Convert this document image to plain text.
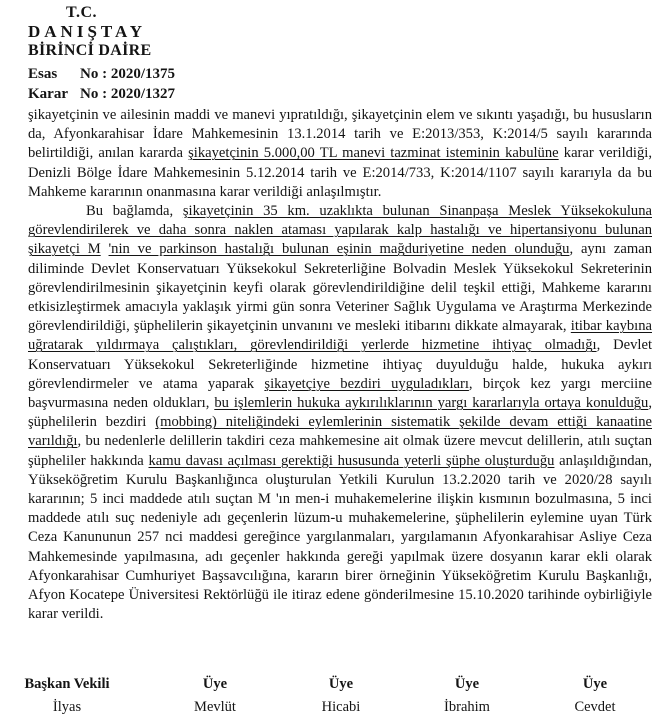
T.C.
DANIŞTAY
BİRİNCİ DAİRE
Esas No : 2020/1375
Karar No : 2020/1327

şikayetçinin ve ailesinin maddi ve manevi yıpratıldığı, şikayetçinin elem ve sıkıntı yaşadığı, bu hususların da, Afyonkarahisar İdare Mahkemesinin 13.1.2014 tarih ve E:2013/353, K:2014/5 sayılı kararında belirtildiği, anılan kararda şikayetçinin 5.000,00 TL manevi tazminat isteminin kabulüne karar verildiği, Denizli Bölge İdare Mahkemesinin 5.12.2014 tarih ve E:2014/733, K:2014/1107 sayılı kararıyla da bu Mahkeme kararının onanmasına karar verildiği anlaşılmıştır.

Bu bağlamda, şikayetçinin 35 km. uzaklıkta bulunan Sinanpaşa Meslek Yüksekokuluna görevlendirilerek ve daha sonra naklen ataması yapılarak kalp hastalığı ve hipertansiyonu bulunan şikayetçi M 'nin ve parkinson hastalığı bulunan eşinin mağduriyetine neden olunduğu, aynı zaman diliminde Devlet Konservatuarı Yüksekokul Sekreterliğine Bolvadin Meslek Yüksekokul Sekreterinin görevlendirilmesinin şikayetçinin keyfi olarak görevlendirildiğine delil teşkil ettiği, Mahkeme kararını etkisizleştirmek amacıyla yaklaşık yirmi gün sonra Veteriner Sağlık Uygulama ve Araştırma Merkezinde görevlendirildiği, şüphelilerin şikayetçinin unvanını ve mesleki itibarını dikkate almayarak, itibar kaybına uğratarak yıldırmaya çalıştıkları, görevlendirildiği yerlerde hizmetine ihtiyaç olmadığı, Devlet Konservatuarı Yüksekokul Sekreterliğinde hizmetine ihtiyaç duyulduğu halde, hukuka aykırı görevlendirmeler ve atama yaparak şikayetçiye bezdiri uyguladıkları, birçok kez yargı merciine başvurmasına neden oldukları, bu işlemlerin hukuka aykırılıklarının yargı kararlarıyla ortaya konulduğu, şüphelilerin bezdiri (mobbing) niteliğindeki eylemlerinin sistematik şekilde devam ettiği kanaatine varıldığı, bu nedenlerle delillerin takdiri ceza mahkemesine ait olmak üzere mevcut delillerin, atılı suçtan şüpheliler hakkında kamu davası açılması gerektiği hususunda yeterli şüphe oluşturduğu anlaşıldığından, Yükseköğretim Kurulu Başkanlığınca oluşturulan Yetkili Kurulun 13.2.2020 tarih ve 2020/28 sayılı kararının; 5 inci maddede atılı suçtan M 'ın men-i muhakemelerine ilişkin kısmının bozulmasına, 5 inci maddede atılı suç nedeniyle adı geçenlerin lüzum-u muhakemelerine, şüphelilerin eylemine uyan Türk Ceza Kanununun 257 nci maddesi gereğince yargılanmaları, yargılamanın Afyonkarahisar Asliye Ceza Mahkemesinde yapılmasına, adı geçenler hakkında gereği yapılmak üzere dosyanın karar ekli olarak Afyonkarahisar Cumhuriyet Başsavcılığına, kararın birer örneğinin Yükseköğretim Kurulu Başkanlığı, Afyon Kocatepe Üniversitesi Rektörlüğü ile itiraz edene gönderilmesine 15.10.2020 tarihinde oybirliğiyle karar verildi.

Başkan Vekili
İlyas
Üye
Mevlüt
Üye
Hicabi
Üye
İbrahim
Üye
Cevdet
